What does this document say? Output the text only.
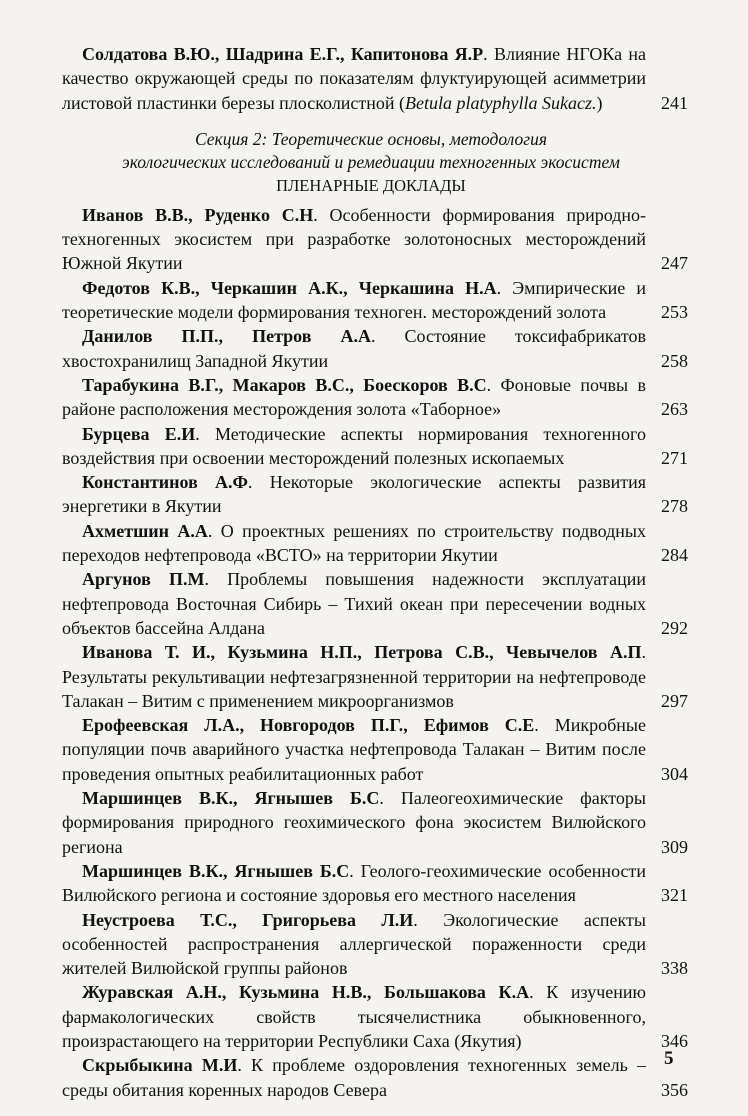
Солдатова В.Ю., Шадрина Е.Г., Капитонова Я.Р. Влияние НГОКа на качество окружающей среды по показателям флуктуирующей асимметрии листовой пластинки березы плосколистной (Betula platyphylla Sukacz.)	241

Секция 2: Теоретические основы, методология

экологических исследований и ремедиации техногенных экосистем

ПЛЕНАРНЫЕ ДОКЛАДЫ

Иванов В.В., Руденко С.Н. Особенности формирования природно-техногенных экосистем при разработке золотоносных месторождений Южной Якутии	247

Федотов К.В., Черкашин А.К., Черкашина Н.А. Эмпирические и теоретические модели формирования техноген. месторождений золота	253

Данилов П.П., Петров А.А. Состояние токсифабрикатов хвостохранилищ Западной Якутии	258

Тарабукина В.Г., Макаров В.С., Боескоров В.С. Фоновые почвы в районе расположения месторождения золота «Таборное»	263

Бурцева Е.И. Методические аспекты нормирования техногенного воздействия при освоении месторождений полезных ископаемых	271

Константинов А.Ф. Некоторые экологические аспекты развития энергетики в Якутии	278

Ахметшин А.А. О проектных решениях по строительству подводных переходов нефтепровода «ВСТО» на территории Якутии	284

Аргунов П.М. Проблемы повышения надежности эксплуатации нефтепровода Восточная Сибирь – Тихий океан при пересечении водных объектов бассейна Алдана	292

Иванова Т. И., Кузьмина Н.П., Петрова С.В., Чевычелов А.П. Результаты рекультивации нефтезагрязненной территории на нефтепроводе Талакан – Витим с применением микроорганизмов	297

Ерофеевская Л.А., Новгородов П.Г., Ефимов С.Е. Микробные популяции почв аварийного участка нефтепровода Талакан – Витим после проведения опытных реабилитационных работ	304

Маршинцев В.К., Ягнышев Б.С. Палеогеохимические факторы формирования природного геохимического фона экосистем Вилюйского региона	309

Маршинцев В.К., Ягнышев Б.С. Геолого-геохимические особенности Вилюйского региона и состояние здоровья его местного населения	321

Неустроева Т.С., Григорьева Л.И. Экологические аспекты особенностей распространения аллергической пораженности среди жителей Вилюйской группы районов	338

Журавская А.Н., Кузьмина Н.В., Большакова К.А. К изучению фармакологических свойств тысячелистника обыкновенного, произрастающего на территории Республики Саха (Якутия)	346

Скрыбыкина М.И. К проблеме оздоровления техногенных земель – среды обитания коренных народов Севера	356

5
